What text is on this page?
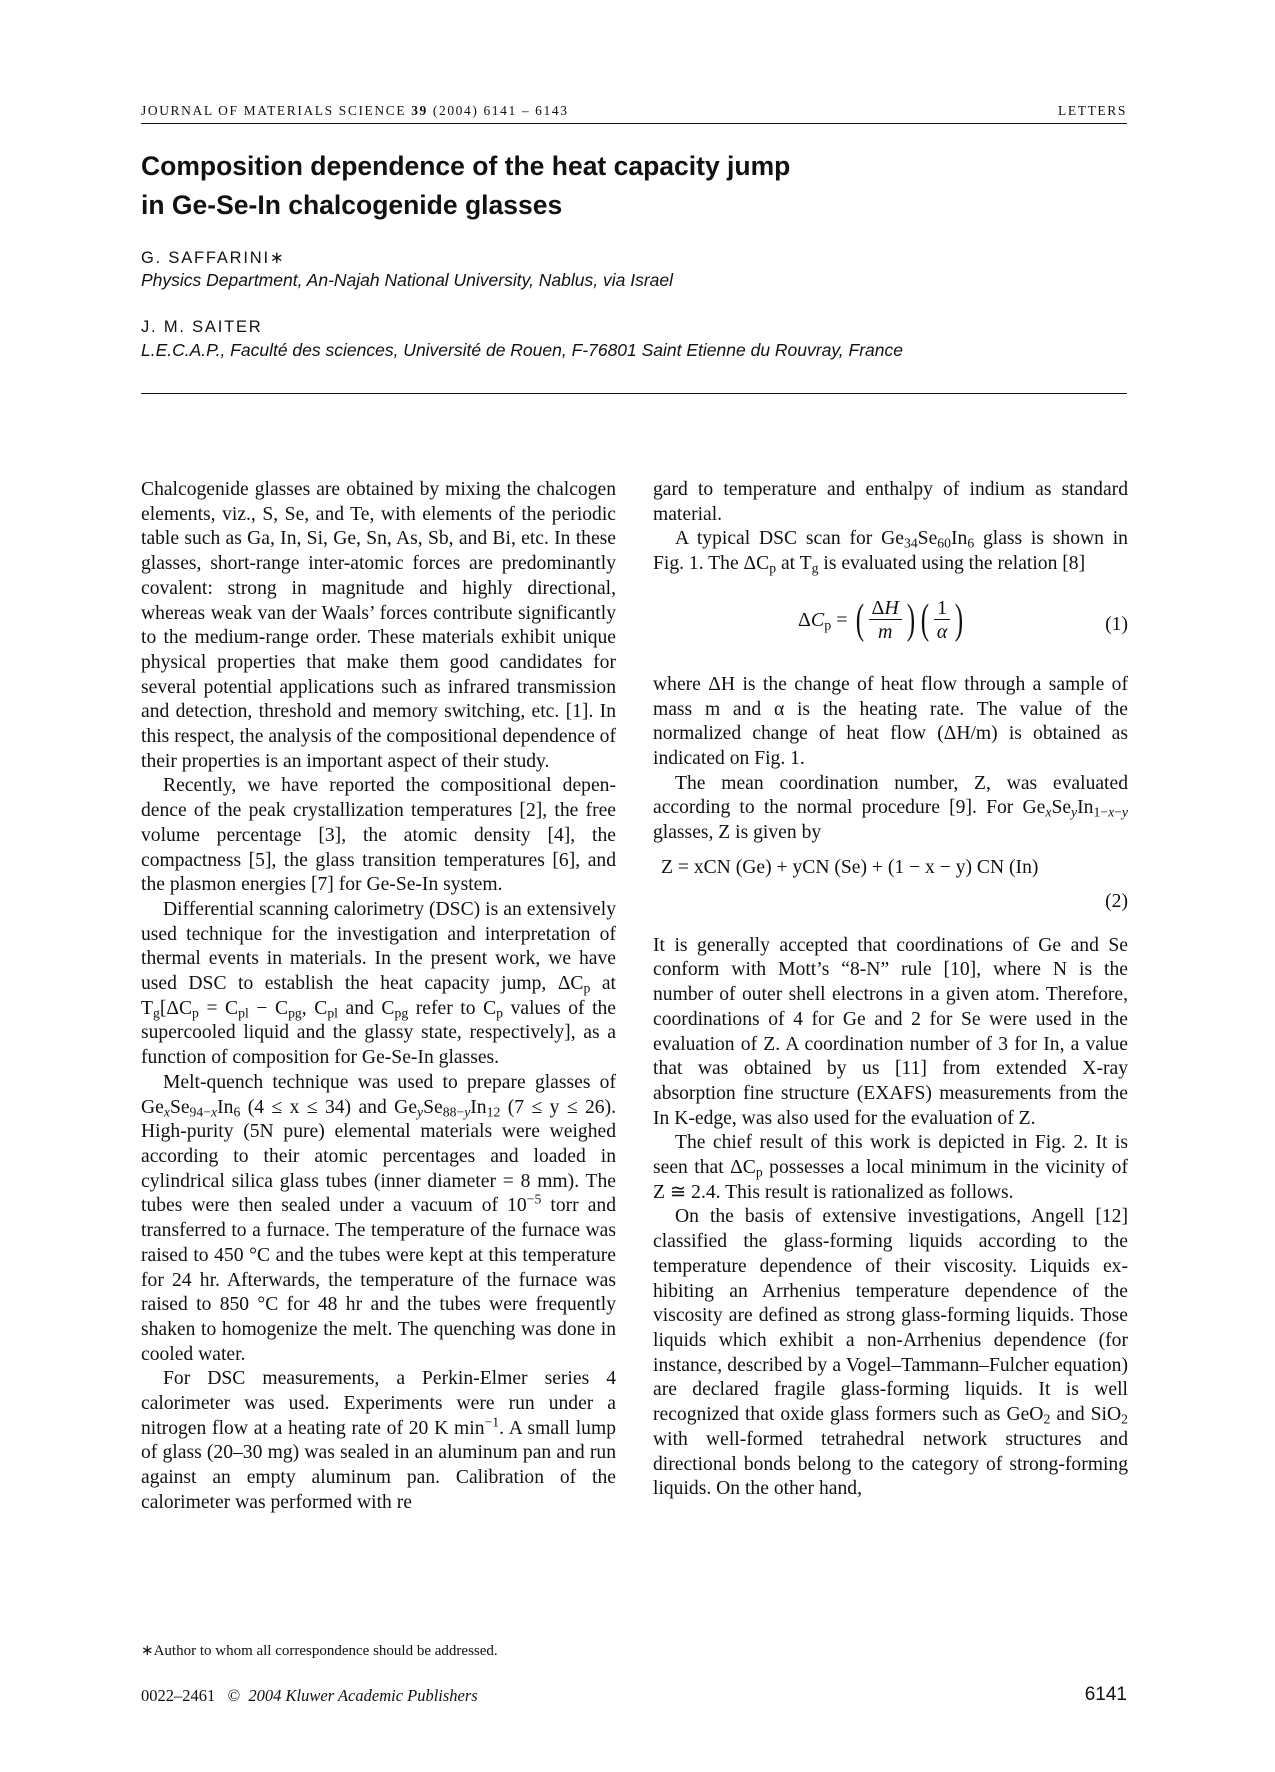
JOURNAL OF MATERIALS SCIENCE 39 (2004) 6141 – 6143	LETTERS
Composition dependence of the heat capacity jump
in Ge-Se-In chalcogenide glasses
G. SAFFARINI∗
Physics Department, An-Najah National University, Nablus, via Israel
J. M. SAITER
L.E.C.A.P., Faculté des sciences, Université de Rouen, F-76801 Saint Etienne du Rouvray, France

Chalcogenide glasses are obtained by mixing the chalcogen elements, viz., S, Se, and Te, with elements of the periodic table such as Ga, In, Si, Ge, Sn, As, Sb, and Bi, etc. In these glasses, short-range inter-atomic forces are predominantly covalent: strong in magnitude and highly directional, whereas weak van der Waals’ forces contribute significantly to the medium-range order. These materials exhibit unique physical properties that make them good candidates for several potential applications such as infrared transmission and detection, threshold and memory switching, etc. [1]. In this respect, the analysis of the compositional dependence of their properties is an important aspect of their study.

Recently, we have reported the compositional dependence of the peak crystallization temperatures [2], the free volume percentage [3], the atomic density [4], the compactness [5], the glass transition temperatures [6], and the plasmon energies [7] for Ge-Se-In system.

Differential scanning calorimetry (DSC) is an extensively used technique for the investigation and interpretation of thermal events in materials. In the present work, we have used DSC to establish the heat capacity jump, $\Delta C_p$ at $T_g[\Delta C_p = C_{pl} - C_{pg}$, $C_{pl}$ and $C_{pg}$ refer to $C_p$ values of the supercooled liquid and the glassy state, respectively], as a function of composition for Ge-Se-In glasses.

Melt-quench technique was used to prepare glasses of $Ge_xSe_{94-x}In_6$ (4 ≤ x ≤ 34) and $Ge_ySe_{88-y}In_{12}$ (7 ≤ y ≤ 26). High-purity (5N pure) elemental materials were weighed according to their atomic percentages and loaded in cylindrical silica glass tubes (inner diameter = 8 mm). The tubes were then sealed under a vacuum of $10^{-5}$ torr and transferred to a furnace. The temperature of the furnace was raised to 450 °C and the tubes were kept at this temperature for 24 hr. Afterwards, the temperature of the furnace was raised to 850 °C for 48 hr and the tubes were frequently shaken to homogenize the melt. The quenching was done in cooled water.

For DSC measurements, a Perkin-Elmer series 4 calorimeter was used. Experiments were run under a nitrogen flow at a heating rate of 20 K $\min^{-1}$. A small lump of glass (20–30 mg) was sealed in an aluminum pan and run against an empty aluminum pan. Calibration of the calorimeter was performed with re

gard to temperature and enthalpy of indium as standard material.

A typical DSC scan for $Ge_{34}Se_{60}In_6$ glass is shown in Fig. 1. The $\Delta C_p$ at $T_g$ is evaluated using the relation [8]

$\Delta C_p$ = ( $\frac{\Delta H}{m}$ ) ( $\frac{1}{\alpha}$ )	(1)

where ΔH is the change of heat flow through a sample of mass m and α is the heating rate. The value of the normalized change of heat flow (ΔH/m) is obtained as indicated on Fig. 1.

The mean coordination number, Z, was evaluated according to the normal procedure [9]. For $Ge_xSe_yIn_{1-x-y}$ glasses, Z is given by

Z = xCN (Ge) + yCN (Se) + (1 − x − y) CN (In)
(2)

It is generally accepted that coordinations of Ge and Se conform with Mott’s “8-N” rule [10], where N is the number of outer shell electrons in a given atom. Therefore, coordinations of 4 for Ge and 2 for Se were used in the evaluation of Z. A coordination number of 3 for In, a value that was obtained by us [11] from extended X-ray absorption fine structure (EXAFS) measurements from the In K-edge, was also used for the evaluation of Z.

The chief result of this work is depicted in Fig. 2. It is seen that $\Delta C_p$ possesses a local minimum in the vicinity of Z ≅ 2.4. This result is rationalized as follows.

On the basis of extensive investigations, Angell [12] classified the glass-forming liquids according to the temperature dependence of their viscosity. Liquids exhibiting an Arrhenius temperature dependence of the viscosity are defined as strong glass-forming liquids. Those liquids which exhibit a non-Arrhenius dependence (for instance, described by a Vogel–Tammann–Fulcher equation) are declared fragile glass-forming liquids. It is well recognized that oxide glass formers such as GeO$_2$ and SiO$_2$ with well-formed tetrahedral network structures and directional bonds belong to the category of strong-forming liquids. On the other hand,

∗Author to whom all correspondence should be addressed.
0022–2461 © 2004 Kluwer Academic Publishers	6141
